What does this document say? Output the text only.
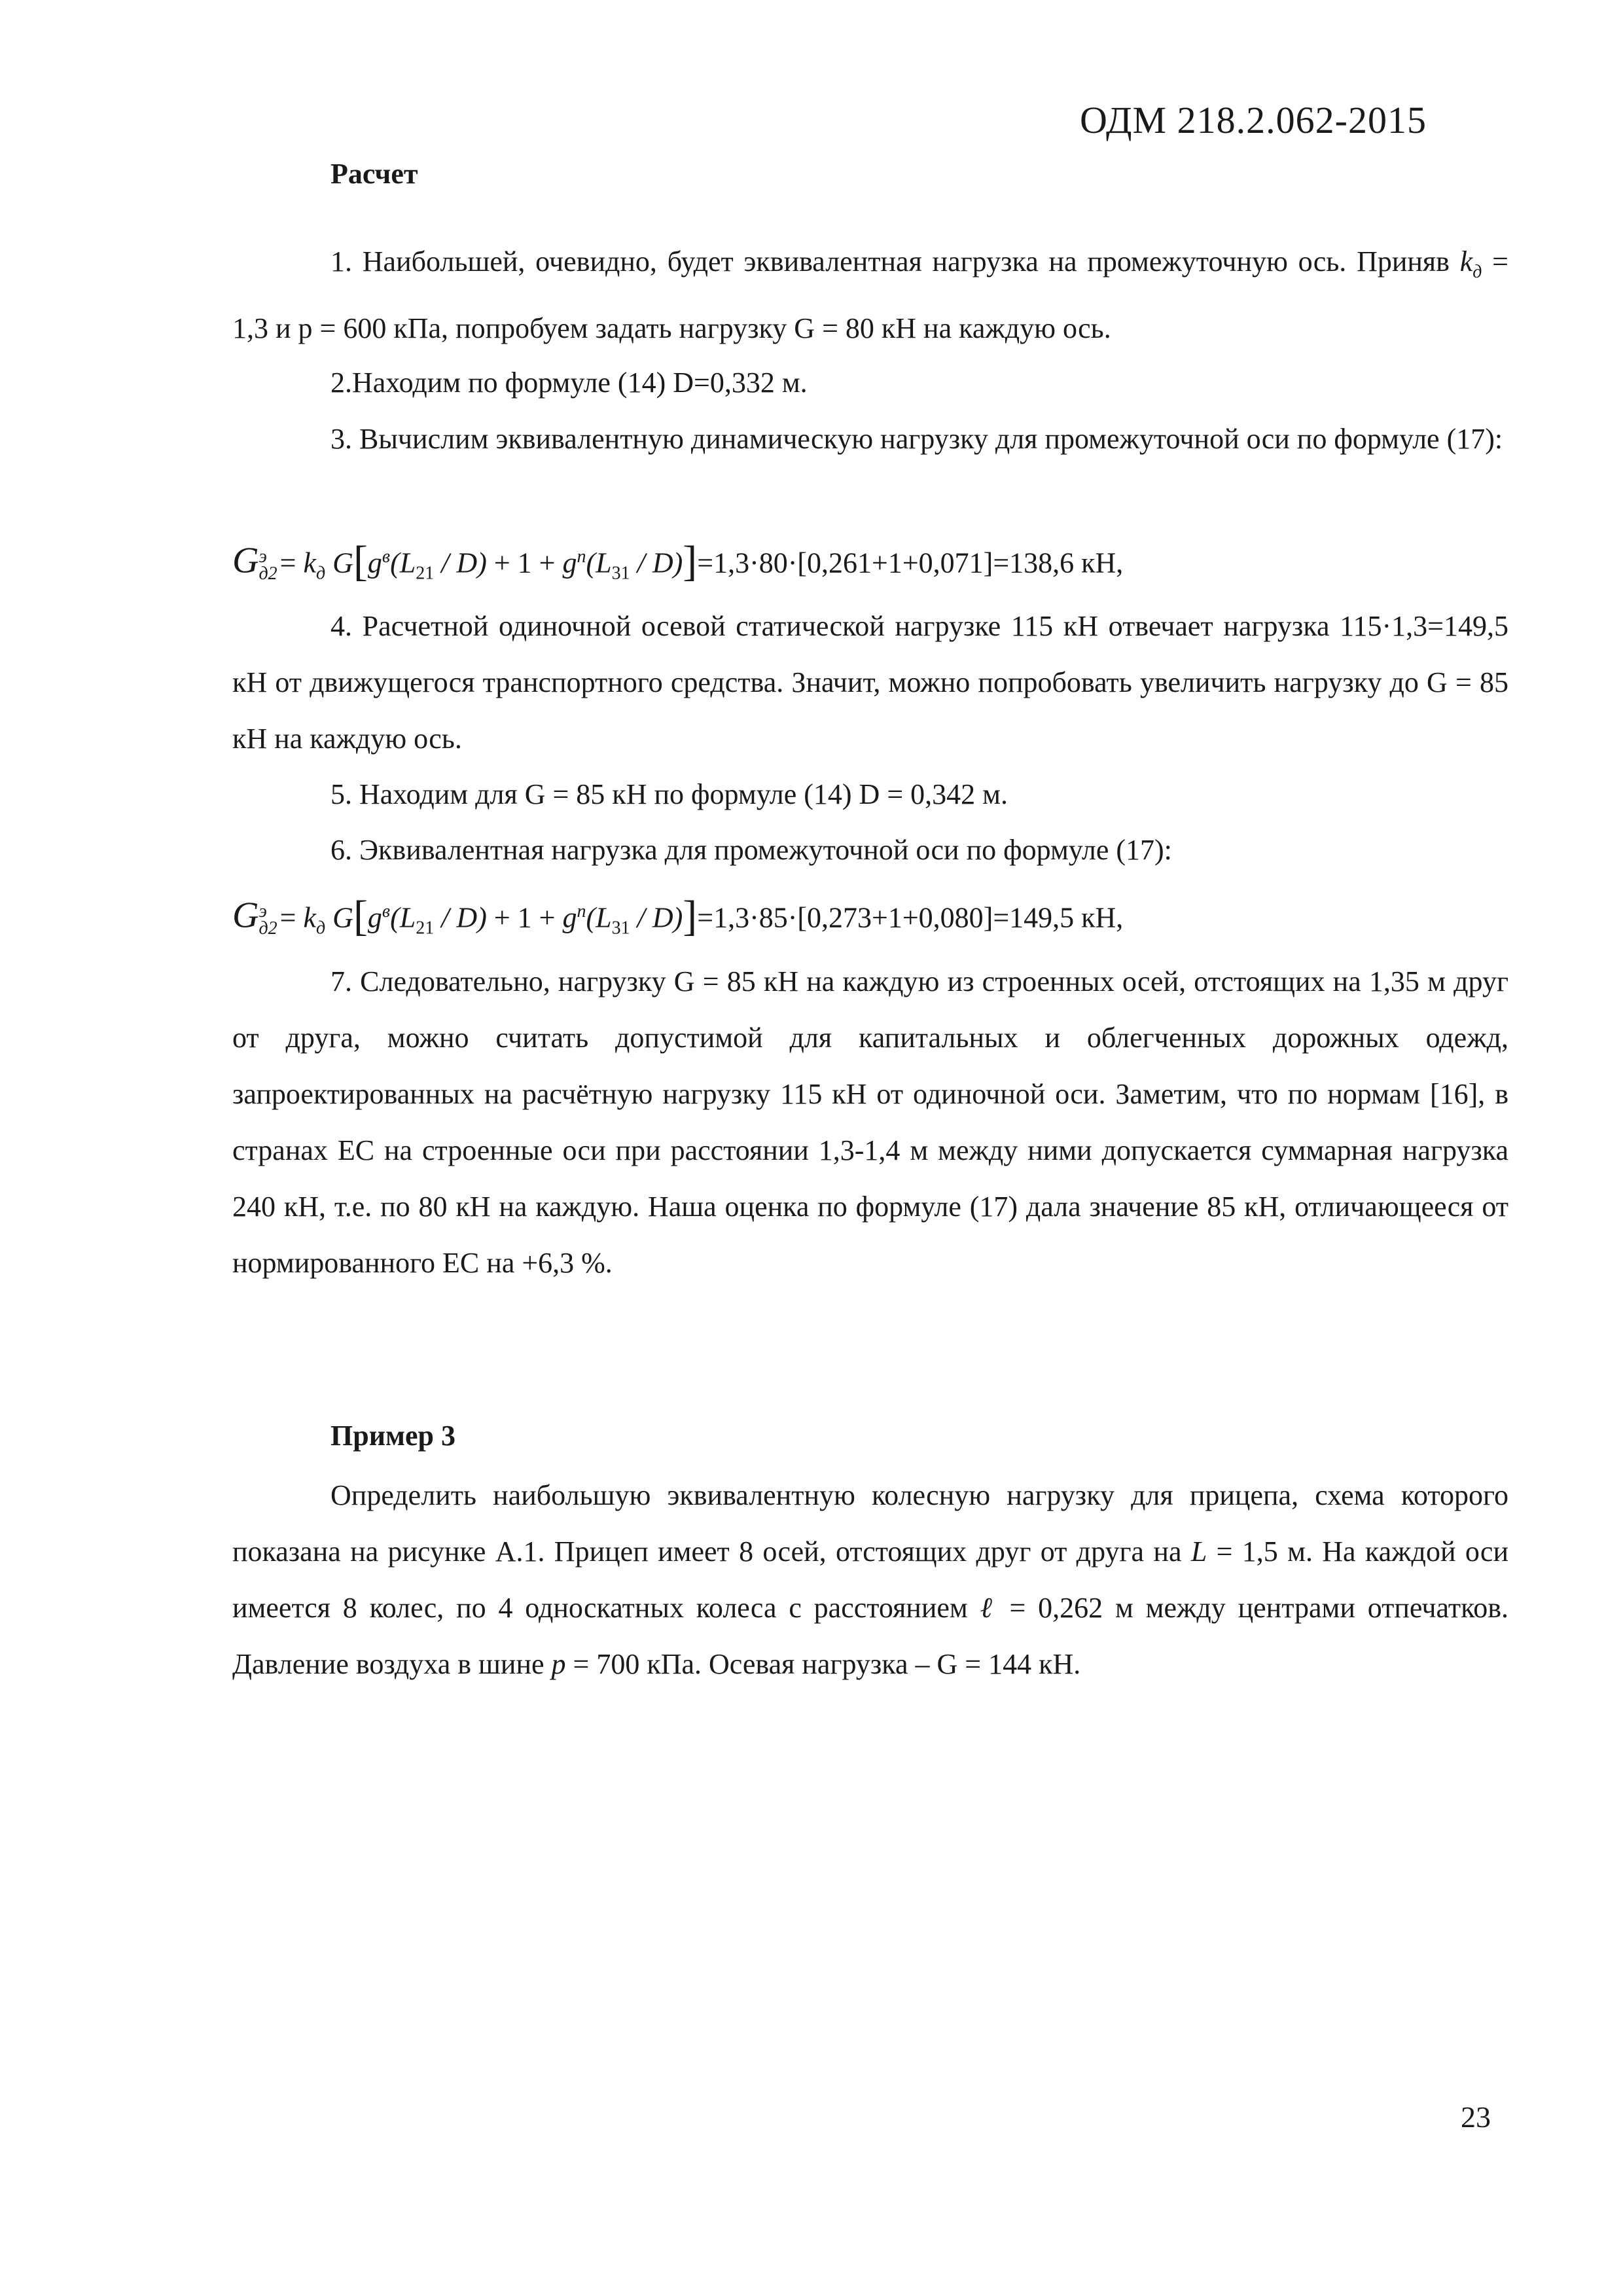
ОДМ 218.2.062-2015
Расчет
1. Наибольшей, очевидно, будет эквивалентная нагрузка на промежуточную ось. Приняв $k_д = 1,3$ и р = 600 кПа, попробуем задать нагрузку G = 80 кН на каждую ось.
2.Находим по формуле (14) D=0,332 м.
3. Вычислим эквивалентную динамическую нагрузку для промежуточной оси по формуле (17):
G э
$д2 = k_д$ $G[g^в(L_{21} / D) + 1 + g^п(L_{31} / D)]=1,3\cdot 80\cdot[0,261+1+0,071]=138,6$ кН,
4. Расчетной одиночной осевой статической нагрузке 115 кН отвечает нагрузка 115·1,3=149,5 кН от движущегося транспортного средства. Значит, можно попробовать увеличить нагрузку до G = 85 кН на каждую ось.
5. Находим для G = 85 кН по формуле (14) D = 0,342 м.
6. Эквивалентная нагрузка для промежуточной оси по формуле (17):
G э
$д2 = k_д$ $G[g^в(L_{21} / D) + 1 + g^п(L_{31} / D)]=1,3\cdot 85\cdot[0,273+1+0,080]=149,5$ кН,
7. Следовательно, нагрузку G = 85 кН на каждую из строенных осей, отстоящих на 1,35 м друг от друга, можно считать допустимой для капитальных и облегченных дорожных одежд, запроектированных на расчётную нагрузку 115 кН от одиночной оси. Заметим, что по нормам [16], в странах ЕС на строенные оси при расстоянии 1,3-1,4 м между ними допускается суммарная нагрузка 240 кН, т.е. по 80 кН на каждую. Наша оценка по формуле (17) дала значение 85 кН, отличающееся от нормированного ЕС на +6,3 %.
Пример 3
Определить наибольшую эквивалентную колесную нагрузку для прицепа, схема которого показана на рисунке А.1. Прицеп имеет 8 осей, отстоящих друг от друга на L = 1,5 м. На каждой оси имеется 8 колес, по 4 односкатных колеса с расстоянием ℓ = 0,262 м между центрами отпечатков. Давление воздуха в шине p = 700 кПа. Осевая нагрузка – G = 144 кН.
23
